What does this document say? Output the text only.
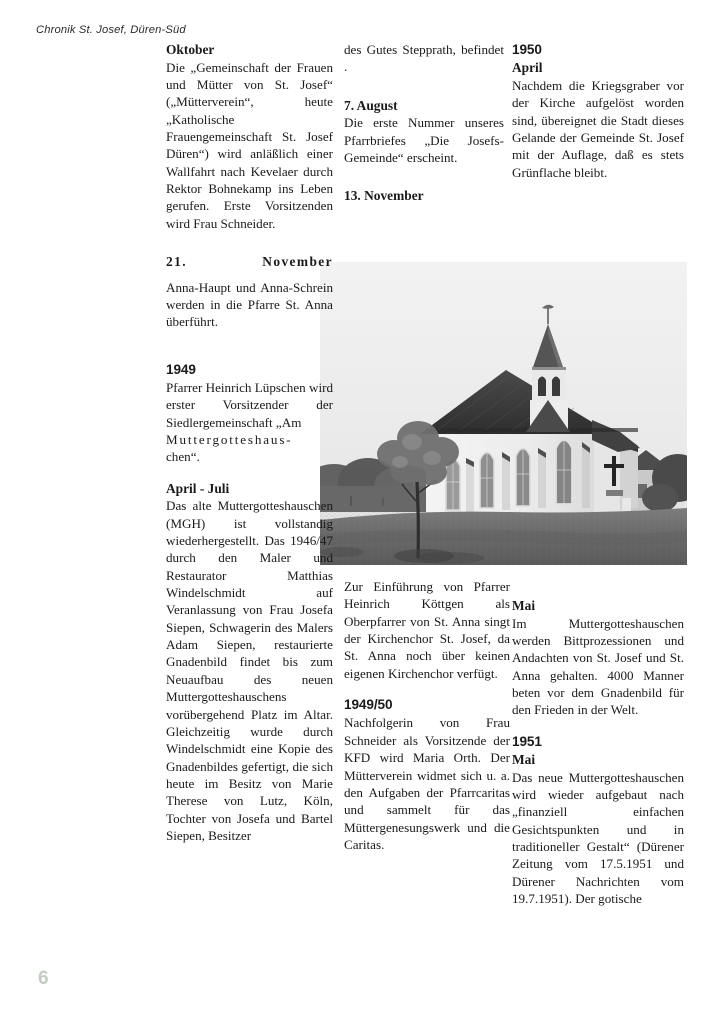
Chronik St. Josef, Düren-Süd
Oktober

Die „Gemeinschaft der Frauen und Mütter von St. Josef“ („Mütterverein“, heute „Katholische Frauengemeinschaft St. Josef Düren“) wird anläßlich einer Wallfahrt nach Kevelaer durch Rektor Bohnekamp ins Leben gerufen. Erste Vorsitzenden wird Frau Schneider.

21. November

Anna-Haupt und Anna-Schrein werden in die Pfarre St. Anna überführt.

1949

Pfarrer Heinrich Lüpschen wird erster Vorsitzender der Siedlergemeinschaft „Am

Muttergotteshaus-

chen“.

April - Juli

Das alte Muttergotteshauschen (MGH) ist vollstandig wiederhergestellt. Das 1946/47 durch den Maler und Restaurator Matthias Windelschmidt auf Veranlassung von Frau Josefa Siepen, Schwagerin des Malers Adam Siepen, restaurierte Gnadenbild findet bis zum Neuaufbau des neuen Muttergotteshauschens vorübergehend Platz im Altar. Gleichzeitig wurde durch Windelschmidt eine Kopie des Gnadenbildes gefertigt, die sich heute im Besitz von Marie Therese von Lutz, Köln, Tochter von Josefa und Bartel Siepen, Besitzer

des Gutes Stepprath, befindet .

7. August

Die erste Nummer unseres Pfarrbriefes „Die Josefs-Gemeinde“ erscheint.

13. November

Zur Einführung von Pfarrer Heinrich Köttgen als Oberpfarrer von St. Anna singt der Kirchenchor St. Josef, da St. Anna noch über keinen eigenen Kirchenchor verfügt.

1949/50

Nachfolgerin von Frau Schneider als Vorsitzende der KFD wird Maria Orth. Der Mütterverein widmet sich u. a. den Aufgaben der Pfarrcaritas und sammelt für das Müttergenesungswerk und die Caritas.

1950
April

Nachdem die Kriegsgraber vor der Kirche aufgelöst worden sind, übereignet die Stadt dieses Gelande der Gemeinde St. Josef mit der Auflage, daß es stets Grünflache bleibt.

Mai

Im Muttergotteshauschen werden Bittprozessionen und Andachten von St. Josef und St. Anna gehalten. 4000 Manner beten vor dem Gnadenbild für den Frieden in der Welt.

1951
Mai

Das neue Muttergotteshauschen wird wieder aufgebaut nach „finanziell einfachen Gesichtspunkten und in traditioneller Gestalt“ (Dürener Zeitung vom 17.5.1951 und Dürener Nachrichten vom 19.7.1951). Der gotische

6
